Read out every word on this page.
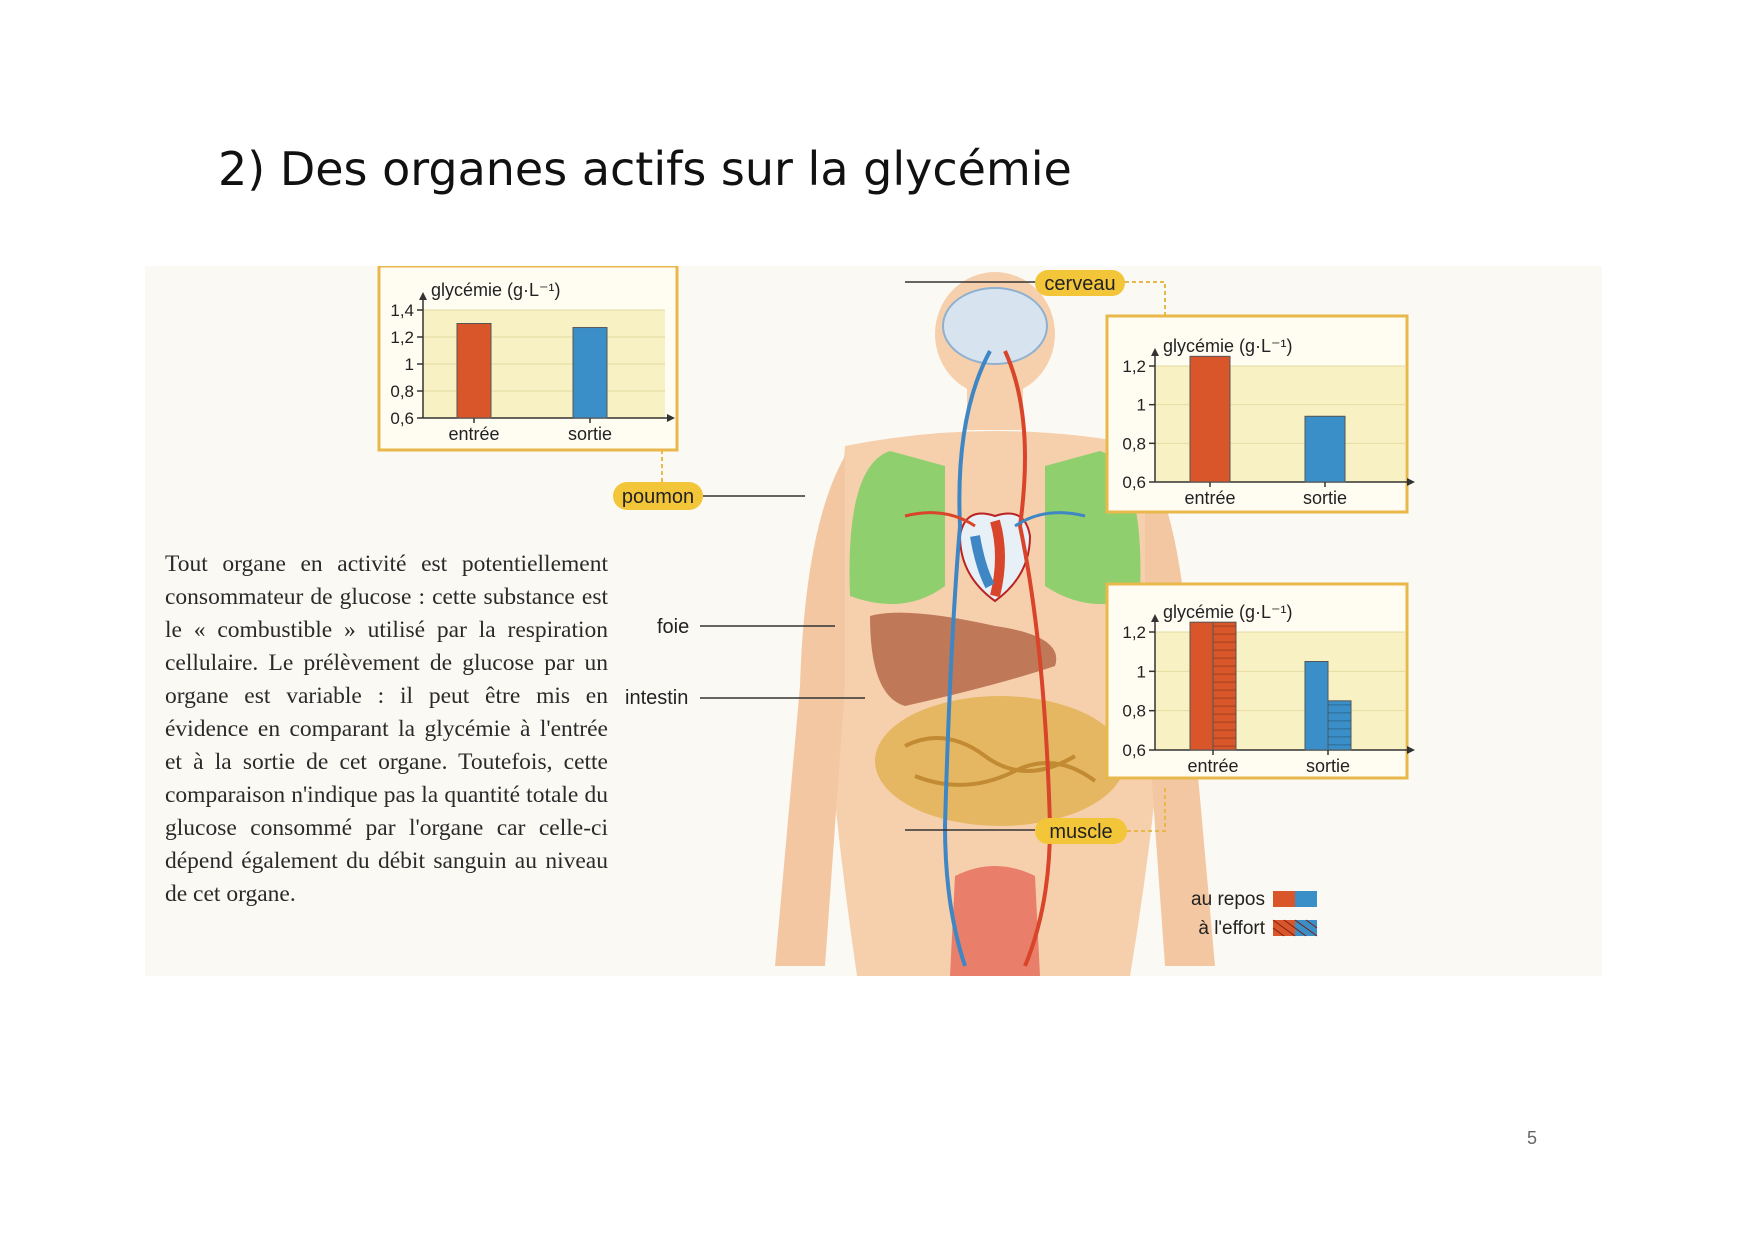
2) Des organes actifs sur la glycémie
cerveau
poumon
foie
intestin
muscle
0,6
0,8
1
1,2
1,4
glycémie (g·L⁻¹)
entrée	sortie
0,6
0,8
1
1,2
glycémie (g·L⁻¹)
entrée	sortie
0,6
0,8
1
1,2
glycémie (g·L⁻¹)
entrée	sortie
au repos
à l'effort
Tout organe en activité est potentiellement consommateur de glucose : cette substance est le « combustible » utilisé par la respiration cellulaire. Le prélèvement de glucose par un organe est variable : il peut être mis en évidence en comparant la glycémie à l'entrée et à la sortie de cet organe. Toutefois, cette comparaison n'indique pas la quantité totale du glucose consommé par l'organe car celle-ci dépend également du débit sanguin au niveau de cet organe.
5
